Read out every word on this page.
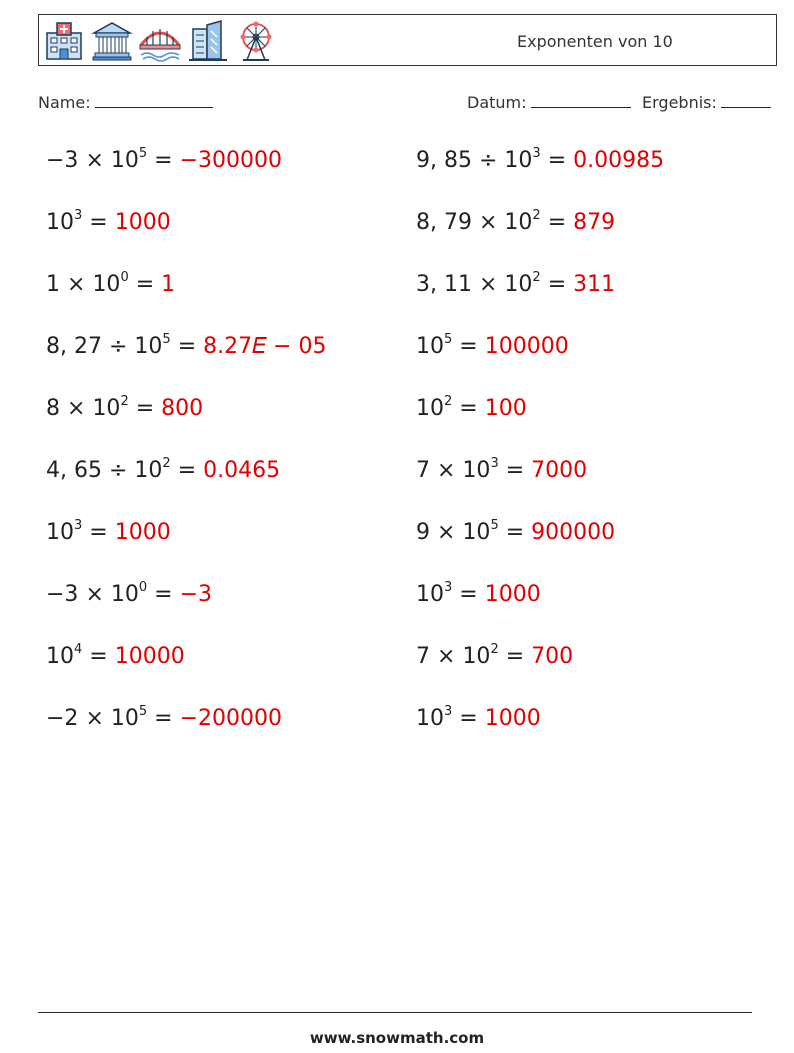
Exponenten von 10
Name:	Datum:	Ergebnis:
$-3 \times 10^5 = -300000$
$10^3 = 1000$
$1 \times 10^0 = 1$
8, $27 \div 10^5$ = 8.27𝐸 − 05
$8 \times 10^2 = 800$
4, $65 \div 10^2 = 0.0465$
$10^3 = 1000$
$-3 \times 10^0 = -3$
$10^4 = 10000$
$-2 \times 10^5 = -200000$
9, $85 \div 10^3 = 0.00985$
8, $79 \times 10^2 = 879$
3, $11 \times 10^2 = 311$
$10^5 = 100000$
$10^2 = 100$
$7 \times 10^3 = 7000$
$9 \times 10^5 = 900000$
$10^3 = 1000$
$7 \times 10^2 = 700$
$10^3 = 1000$
www.snowmath.com
